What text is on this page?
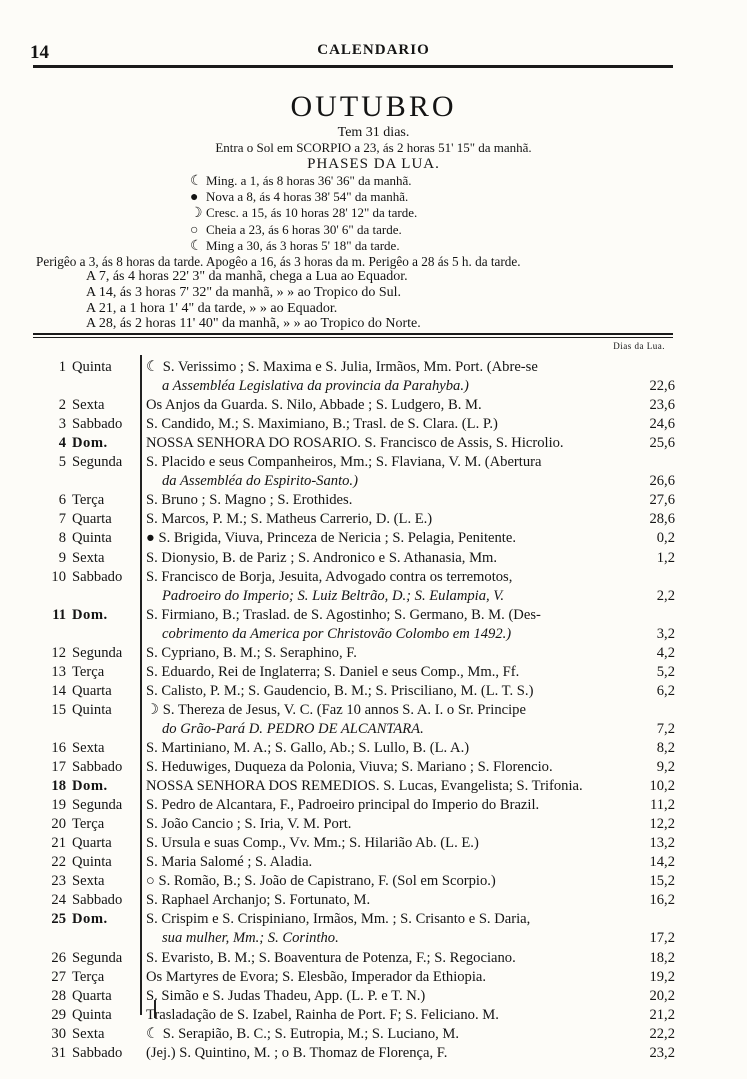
14	CALENDARIO
OUTUBRO
Tem 31 dias.
Entra o Sol em SCORPIO a 23, ás 2 horas 51' 15" da manhã.
PHASES DA LUA.
☾ Ming. a 1, ás 8 horas 36' 36" da manhã.
● Nova a 8, ás 4 horas 38' 54" da manhã.
☽ Cresc. a 15, ás 10 horas 28' 12" da tarde.
○ Cheia a 23, ás 6 horas 30' 6" da tarde.
☾ Ming a 30, ás 3 horas 5' 18" da tarde.
Perigêo a 3, ás 8 horas da tarde. Apogêo a 16, ás 3 horas da m. Perigêo a 28 ás 5 h. da tarde.
A 7, ás 4 horas 22' 3" da manhã, chega a Lua ao Equador.
A 14, ás 3 horas 7' 32" da manhã, » » ao Tropico do Sul.
A 21, a 1 hora 1' 4" da tarde, » » ao Equador.
A 28, ás 2 horas 11' 40" da manhã, » » ao Tropico do Norte.
Dias da Lua.
1 Quinta ☾ S. Verissimo ; S. Maxima e S. Julia, Irmãos, Mm. Port. (Abre-se
a Assembléa Legislativa da provincia da Parahyba.)	22,6
2 Sexta	Os Anjos da Guarda. S. Nilo, Abbade ; S. Ludgero, B. M.	23,6
3 Sabbado S. Candido, M.; S. Maximiano, B.; Trasl. de S. Clara. (L. P.)	24,6
4 Dom.	NOSSA SENHORA DO ROSARIO. S. Francisco de Assis, S. Hicrolio.	25,6
5 Segunda S. Placido e seus Companheiros, Mm.; S. Flaviana, V. M. (Abertura
da Assembléa do Espirito-Santo.)	26,6
6 Terça	S. Bruno ; S. Magno ; S. Erothides.	27,6
7 Quarta S. Marcos, P. M.; S. Matheus Carrerio, D. (L. E.)	28,6
8 Quinta ● S. Brigida, Viuva, Princeza de Nericia ; S. Pelagia, Penitente.	0,2
9 Sexta	S. Dionysio, B. de Pariz ; S. Andronico e S. Athanasia, Mm.	1,2
10 Sabbado S. Francisco de Borja, Jesuita, Advogado contra os terremotos,
Padroeiro do Imperio; S. Luiz Beltrão, D.; S. Eulampia, V.	2,2
11 Dom.	S. Firmiano, B.; Traslad. de S. Agostinho; S. Germano, B. M. (Des-
cobrimento da America por Christovão Colombo em 1492.)	3,2
12 Segunda S. Cypriano, B. M.; S. Seraphino, F.	4,2
13 Terça	S. Eduardo, Rei de Inglaterra; S. Daniel e seus Comp., Mm., Ff.	5,2
14 Quarta S. Calisto, P. M.; S. Gaudencio, B. M.; S. Prisciliano, M. (L. T. S.)	6,2
15 Quinta ☽ S. Thereza de Jesus, V. C. (Faz 10 annos S. A. I. o Sr. Principe
do Grão-Pará D. PEDRO DE ALCANTARA.	7,2
16 Sexta	S. Martiniano, M. A.; S. Gallo, Ab.; S. Lullo, B. (L. A.)	8,2
17 Sabbado S. Heduwiges, Duqueza da Polonia, Viuva; S. Mariano ; S. Florencio.	9,2
18 Dom.	NOSSA SENHORA DOS REMEDIOS. S. Lucas, Evangelista; S. Trifonia.	10,2
19 Segunda S. Pedro de Alcantara, F., Padroeiro principal do Imperio do Brazil.	11,2
20 Terça	S. João Cancio ; S. Iria, V. M. Port.	12,2
21 Quarta S. Ursula e suas Comp., Vv. Mm.; S. Hilarião Ab. (L. E.)	13,2
22 Quinta S. Maria Salomé ; S. Aladia.	14,2
23 Sexta	○ S. Romão, B.; S. João de Capistrano, F. (Sol em Scorpio.)	15,2
24 Sabbado S. Raphael Archanjo; S. Fortunato, M.	16,2
25 Dom.	S. Crispim e S. Crispiniano, Irmãos, Mm. ; S. Crisanto e S. Daria,
sua mulher, Mm.; S. Corintho.	17,2
26 Segunda S. Evaristo, B. M.; S. Boaventura de Potenza, F.; S. Regociano.	18,2
27 Terça	Os Martyres de Evora; S. Elesbão, Imperador da Ethiopia.	19,2
28 Quarta S. Simão e S. Judas Thadeu, App. (L. P. e T. N.)	20,2
29 Quinta Trasladação de S. Izabel, Rainha de Port. F; S. Feliciano. M.	21,2
30 Sexta	☾ S. Serapião, B. C.; S. Eutropia, M.; S. Luciano, M.	22,2
31 Sabbado (Jej.) S. Quintino, M. ; o B. Thomaz de Florença, F.	23,2
